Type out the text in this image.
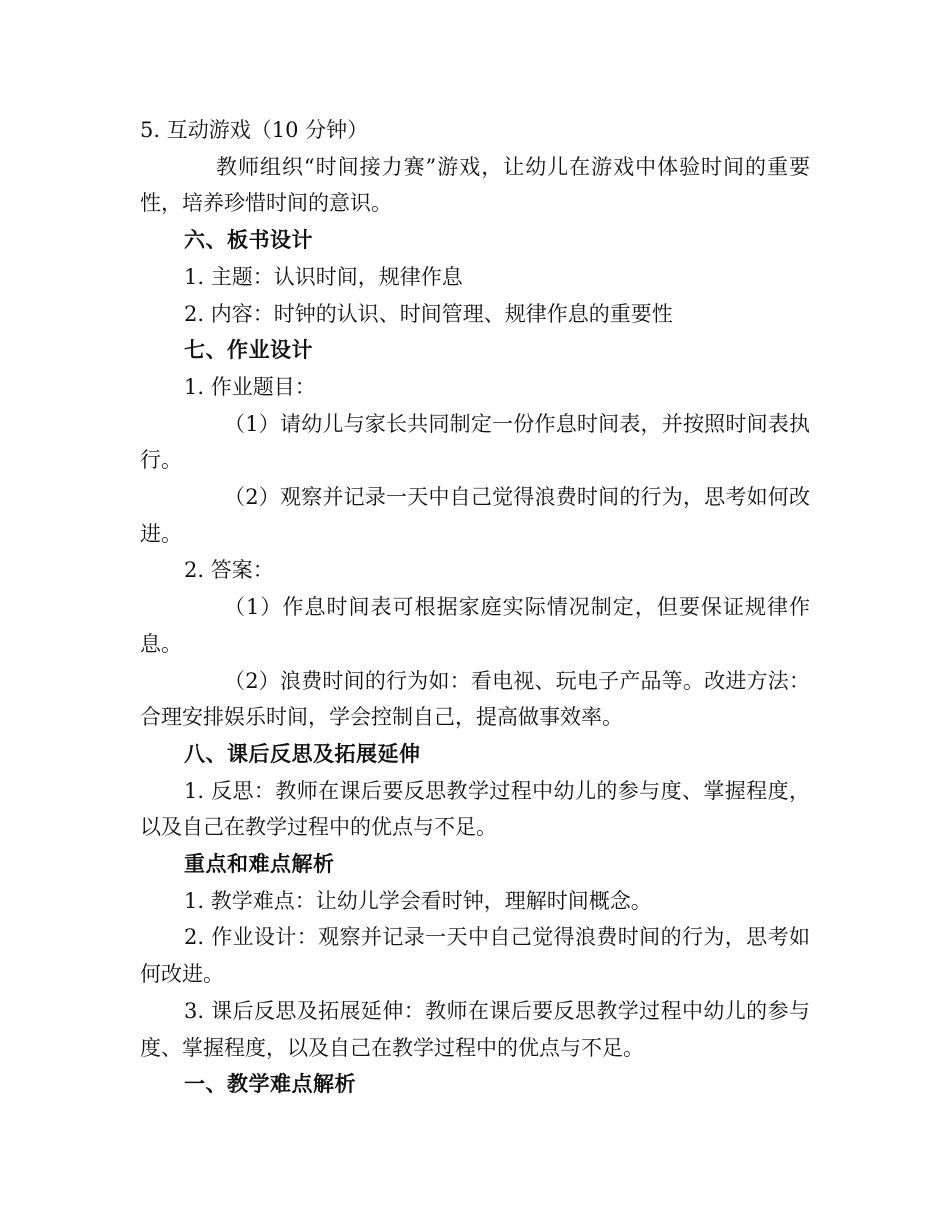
5. 互动游戏（10 分钟）

教师组织“时间接力赛”游戏，让幼儿在游戏中体验时间的重要性，培养珍惜时间的意识。

六、板书设计

1. 主题：认识时间，规律作息

2. 内容：时钟的认识、时间管理、规律作息的重要性

七、作业设计

1. 作业题目：

（1）请幼儿与家长共同制定一份作息时间表，并按照时间表执行。

（2）观察并记录一天中自己觉得浪费时间的行为，思考如何改进。

2. 答案：

（1）作息时间表可根据家庭实际情况制定，但要保证规律作息。

（2）浪费时间的行为如：看电视、玩电子产品等。改进方法：合理安排娱乐时间，学会控制自己，提高做事效率。

八、课后反思及拓展延伸

1. 反思：教师在课后要反思教学过程中幼儿的参与度、掌握程度，以及自己在教学过程中的优点与不足。

重点和难点解析

1. 教学难点：让幼儿学会看时钟，理解时间概念。

2. 作业设计：观察并记录一天中自己觉得浪费时间的行为，思考如何改进。

3. 课后反思及拓展延伸：教师在课后要反思教学过程中幼儿的参与度、掌握程度，以及自己在教学过程中的优点与不足。

一、教学难点解析
